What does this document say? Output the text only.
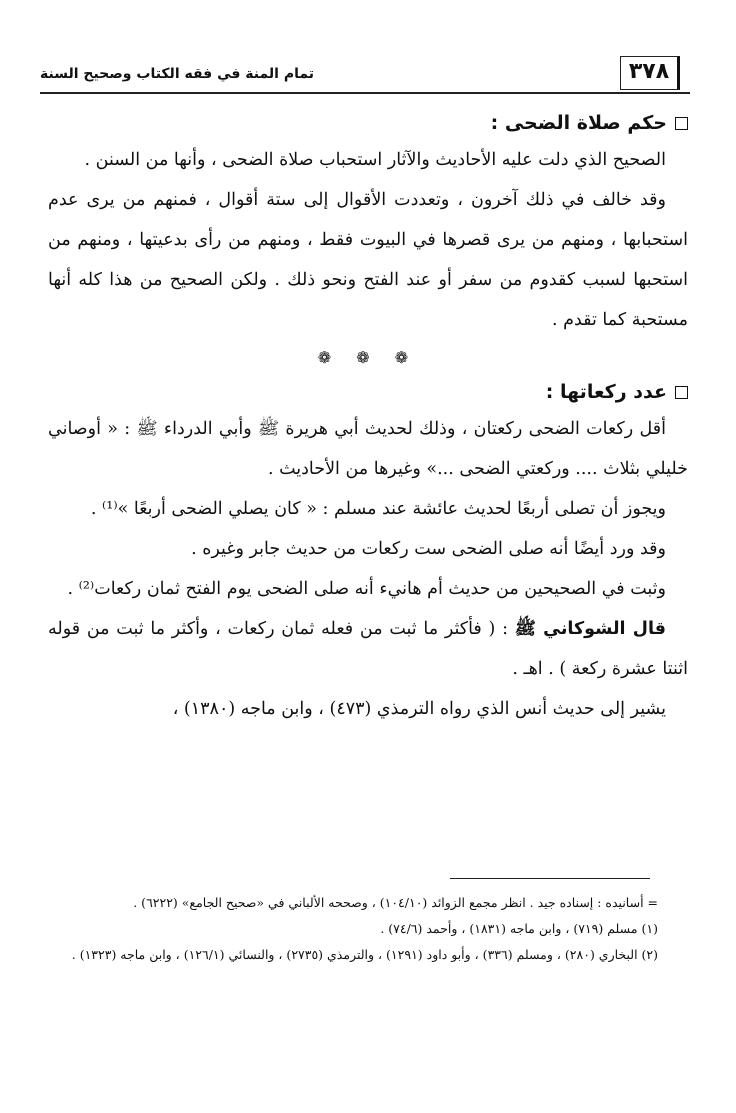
تمام المنة في فقه الكتاب وصحيح السنة	٣٧٨
حكم صلاة الضحى :

الصحيح الذي دلت عليه الأحاديث والآثار استحباب صلاة الضحى ، وأنها من السنن .

وقد خالف في ذلك آخرون ، وتعددت الأقوال إلى ستة أقوال ، فمنهم من يرى عدم استحبابها ، ومنهم من يرى قصرها في البيوت فقط ، ومنهم من رأى بدعيتها ، ومنهم من استحبها لسبب كقدوم من سفر أو عند الفتح ونحو ذلك . ولكن الصحيح من هذا كله أنها مستحبة كما تقدم .

❁ ❁ ❁
عدد ركعاتها :

أقل ركعات الضحى ركعتان ، وذلك لحديث أبي هريرة ﷺ وأبي الدرداء ﷺ : « أوصاني خليلي بثلاث .... وركعتي الضحى ...» وغيرها من الأحاديث .

ويجوز أن تصلى أربعًا لحديث عائشة عند مسلم : « كان يصلي الضحى أربعًا »⁽¹⁾ .

وقد ورد أيضًا أنه صلى الضحى ست ركعات من حديث جابر وغيره .

وثبت في الصحيحين من حديث أم هانيء أنه صلى الضحى يوم الفتح ثمان ركعات⁽²⁾ .

قال الشوكاني ﷺ : ( فأكثر ما ثبت من فعله ثمان ركعات ، وأكثر ما ثبت من قوله اثنتا عشرة ركعة ) . اهـ .

يشير إلى حديث أنس الذي رواه الترمذي (٤٧٣) ، وابن ماجه (١٣٨٠) ،

= أسانيده : إسناده جيد . انظر مجمع الزوائد (١٠٤/١٠) ، وصححه الألباني في «صحيح الجامع» (٦٢٢٢) .
(١) مسلم (٧١٩) ، وابن ماجه (١٨٣١) ، وأحمد (٧٤/٦) .
(٢) البخاري (٢٨٠) ، ومسلم (٣٣٦) ، وأبو داود (١٢٩١) ، والترمذي (٢٧٣٥) ، والنسائي (١٢٦/١) ، وابن ماجه (١٣٢٣) .
